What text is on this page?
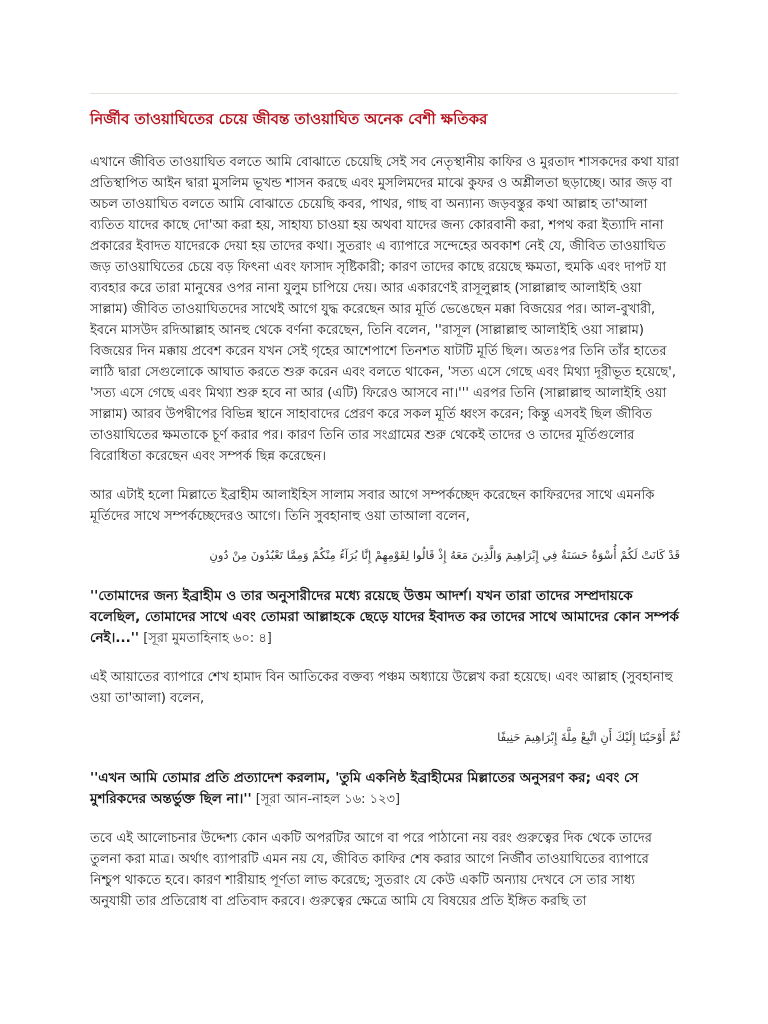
নির্জীব তাওয়াঘিতের চেয়ে জীবন্ত তাওয়াঘিত অনেক বেশী ক্ষতিকর

এখানে জীবিত তাওয়াঘিত বলতে আমি বোঝাতে চেয়েছি সেই সব নেতৃস্থানীয় কাফির ও মুরতাদ শাসকদের কথা যারা প্রতিস্থাপিত আইন দ্বারা মুসলিম ভূখন্ড শাসন করছে এবং মুসলিমদের মাঝে কুফর ও অশ্লীলতা ছড়াচ্ছে। আর জড় বা অচল তাওয়াঘিত বলতে আমি বোঝাতে চেয়েছি কবর, পাথর, গাছ বা অন্যান্য জড়বস্তুর কথা আল্লাহ তা'আলা ব্যতিত যাদের কাছে দো'আ করা হয়, সাহায্য চাওয়া হয় অথবা যাদের জন্য কোরবানী করা, শপথ করা ইত্যাদি নানা প্রকারের ইবাদত যাদেরকে দেয়া হয় তাদের কথা। সুতরাং এ ব্যাপারে সন্দেহের অবকাশ নেই যে, জীবিত তাওয়াঘিত জড় তাওয়াঘিতের চেয়ে বড় ফিৎনা এবং ফাসাদ সৃষ্টিকারী; কারণ তাদের কাছে রয়েছে ক্ষমতা, হুমকি এবং দাপট যা ব্যবহার করে তারা মানুষের ওপর নানা যুলুম চাপিয়ে দেয়। আর একারণেই রাসূলুল্লাহ (সাল্লাল্লাহু আলাইহি ওয়া সাল্লাম) জীবিত তাওয়াঘিতদের সাথেই আগে যুদ্ধ করেছেন আর মূর্তি ভেঙেছেন মক্কা বিজয়ের পর। আল-বুখারী, ইবনে মাসউদ রদিআল্লাহ আনহু থেকে বর্ণনা করেছেন, তিনি বলেন, ''রাসূল (সাল্লাল্লাহু আলাইহি ওয়া সাল্লাম) বিজয়ের দিন মক্কায় প্রবেশ করেন যখন সেই গৃহের আশেপাশে তিনশত ষাটটি মূর্তি ছিল। অতঃপর তিনি তাঁর হাতের লাঠি দ্বারা সেগুলোকে আঘাত করতে শুরু করেন এবং বলতে থাকেন, 'সত্য এসে গেছে এবং মিথ্যা দূরীভূত হয়েছে', 'সত্য এসে গেছে এবং মিথ্যা শুরু হবে না আর (এটি) ফিরেও আসবে না।''' এরপর তিনি (সাল্লাল্লাহু আলাইহি ওয়া সাল্লাম) আরব উপদ্বীপের বিভিন্ন স্থানে সাহাবাদের প্রেরণ করে সকল মূর্তি ধ্বংস করেন; কিন্তু এসবই ছিল জীবিত তাওয়াঘিতের ক্ষমতাকে চূর্ণ করার পর। কারণ তিনি তার সংগ্রামের শুরু থেকেই তাদের ও তাদের মূর্তিগুলোর বিরোধিতা করেছেন এবং সম্পর্ক ছিন্ন করেছেন।

আর এটাই হলো মিল্লাতে ইব্রাহীম আলাইহিস সালাম সবার আগে সম্পর্কচ্ছেদ করেছেন কাফিরদের সাথে এমনকি মূর্তিদের সাথে সম্পর্কচ্ছেদেরও আগে। তিনি সুবহানাহু ওয়া তাআলা বলেন,

قَدْ كَانَتْ لَكُمْ أُسْوَةٌ حَسَنَةٌ فِي إِبْرَاهِيمَ وَالَّذِينَ مَعَهُ إِذْ قَالُوا لِقَوْمِهِمْ إِنَّا بُرَآءُ مِنْكُمْ وَمِمَّا تَعْبُدُونَ مِنْ دُونِ

''তোমাদের জন্য ইব্রাহীম ও তার অনুসারীদের মধ্যে রয়েছে উত্তম আদর্শ। যখন তারা তাদের সম্প্রদায়কে বলেছিল, তোমাদের সাথে এবং তোমরা আল্লাহকে ছেড়ে যাদের ইবাদত কর তাদের সাথে আমাদের কোন সম্পর্ক নেই।...'' [সূরা মুমতাহিনাহ ৬০: ৪]

এই আয়াতের ব্যাপারে শেখ হামাদ বিন আতিকের বক্তব্য পঞ্চম অধ্যায়ে উল্লেখ করা হয়েছে। এবং আল্লাহ (সুবহানাহু ওয়া তা'আলা) বলেন,

ثُمَّ أَوْحَيْنَا إِلَيْكَ أَنِ اتَّبِعْ مِلَّةَ إِبْرَاهِيمَ حَنِيفًا

''এখন আমি তোমার প্রতি প্রত্যাদেশ করলাম, 'তুমি একনিষ্ঠ ইব্রাহীমের মিল্লাতের অনুসরণ কর; এবং সে মুশরিকদের অন্তর্ভুক্ত ছিল না।'' [সূরা আন-নাহল ১৬: ১২৩]

তবে এই আলোচনার উদ্দেশ্য কোন একটি অপরটির আগে বা পরে পাঠানো নয় বরং গুরুত্বের দিক থেকে তাদের তুলনা করা মাত্র। অর্থাৎ ব্যাপারটি এমন নয় যে, জীবিত কাফির শেষ করার আগে নির্জীব তাওয়াঘিতের ব্যাপারে নিশ্চুপ থাকতে হবে। কারণ শারীয়াহ পূর্ণতা লাভ করেছে; সুতরাং যে কেউ একটি অন্যায় দেখবে সে তার সাধ্য অনুযায়ী তার প্রতিরোধ বা প্রতিবাদ করবে। গুরুত্বের ক্ষেত্রে আমি যে বিষয়ের প্রতি ইঙ্গিত করছি তা
